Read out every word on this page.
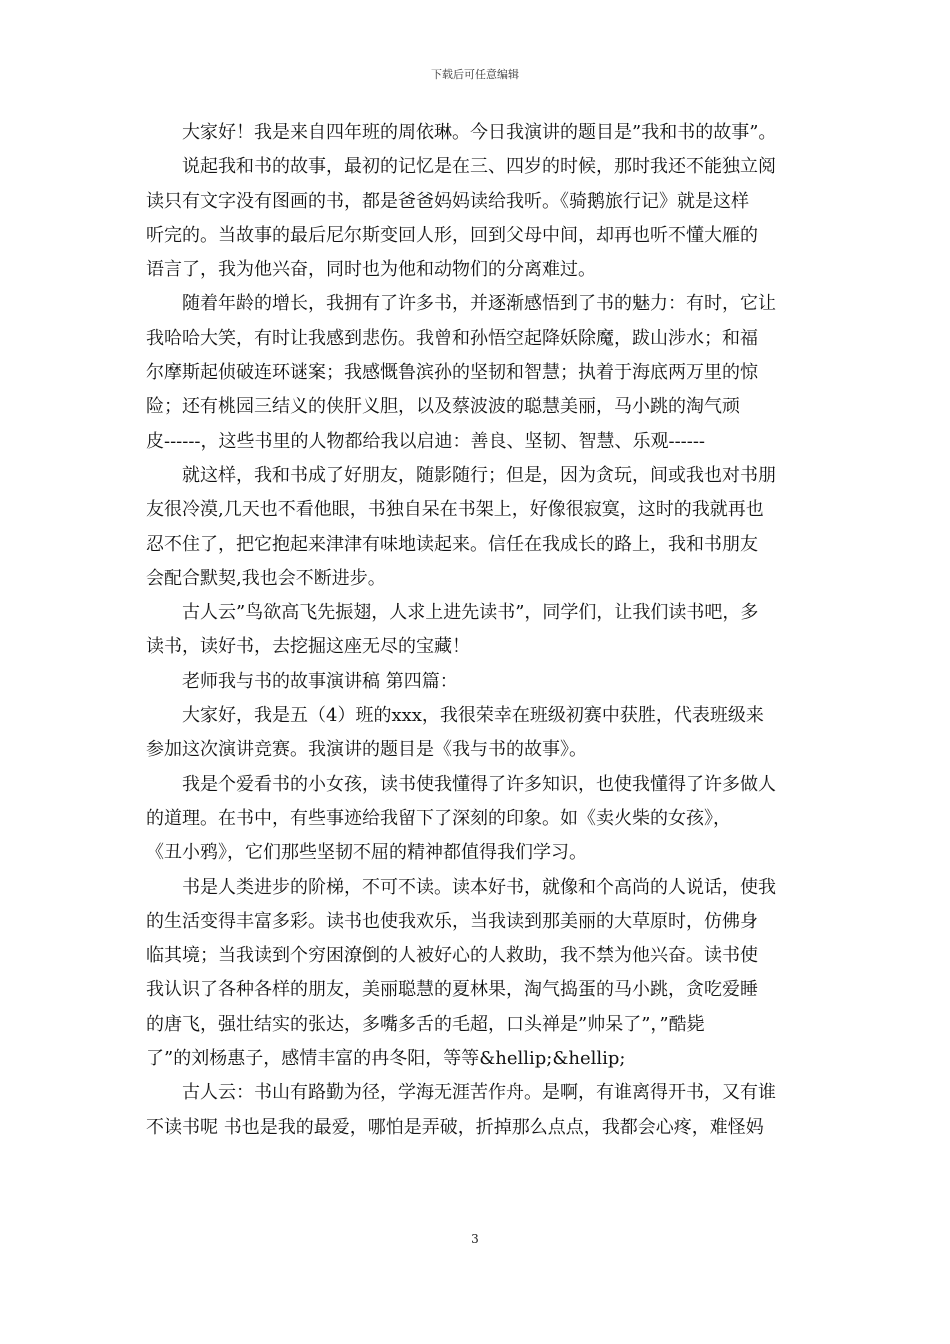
下载后可任意编辑
　　大家好！我是来自四年班的周依琳。今日我演讲的题目是”我和书的故事”。
　　说起我和书的故事，最初的记忆是在三、四岁的时候，那时我还不能独立阅
读只有文字没有图画的书，都是爸爸妈妈读给我听。《骑鹅旅行记》就是这样
听完的。当故事的最后尼尔斯变回人形，回到父母中间，却再也听不懂大雁的
语言了，我为他兴奋，同时也为他和动物们的分离难过。
　　随着年龄的增长，我拥有了许多书，并逐渐感悟到了书的魅力：有时，它让
我哈哈大笑，有时让我感到悲伤。我曾和孙悟空起降妖除魔，跋山涉水；和福
尔摩斯起侦破连环谜案；我感慨鲁滨孙的坚韧和智慧；执着于海底两万里的惊
险；还有桃园三结义的侠肝义胆，以及蔡波波的聪慧美丽，马小跳的淘气顽
皮------，这些书里的人物都给我以启迪：善良、坚韧、智慧、乐观------
　　就这样，我和书成了好朋友，随影随行；但是，因为贪玩，间或我也对书朋
友很冷漠,几天也不看他眼，书独自呆在书架上，好像很寂寞，这时的我就再也
忍不住了，把它抱起来津津有味地读起来。信任在我成长的路上，我和书朋友
会配合默契,我也会不断进步。
　　古人云”鸟欲高飞先振翅，人求上进先读书”，同学们，让我们读书吧，多
读书，读好书，去挖掘这座无尽的宝藏！
　　老师我与书的故事演讲稿 第四篇：
　　大家好，我是五（4）班的xxx，我很荣幸在班级初赛中获胜，代表班级来
参加这次演讲竞赛。我演讲的题目是《我与书的故事》。
　　我是个爱看书的小女孩，读书使我懂得了许多知识，也使我懂得了许多做人
的道理。在书中，有些事迹给我留下了深刻的印象。如《卖火柴的女孩》，
《丑小鸦》，它们那些坚韧不屈的精神都值得我们学习。
　　书是人类进步的阶梯，不可不读。读本好书，就像和个高尚的人说话，使我
的生活变得丰富多彩。读书也使我欢乐，当我读到那美丽的大草原时，仿佛身
临其境；当我读到个穷困潦倒的人被好心的人救助，我不禁为他兴奋。读书使
我认识了各种各样的朋友，美丽聪慧的夏林果，淘气捣蛋的马小跳，贪吃爱睡
的唐飞，强壮结实的张达，多嘴多舌的毛超，口头禅是”帅呆了”，”酷毙
了”的刘杨惠子，感情丰富的冉冬阳，等等&hellip;&hellip;
　　古人云：书山有路勤为径，学海无涯苦作舟。是啊，有谁离得开书，又有谁
不读书呢 书也是我的最爱，哪怕是弄破，折掉那么点点，我都会心疼，难怪妈
3
